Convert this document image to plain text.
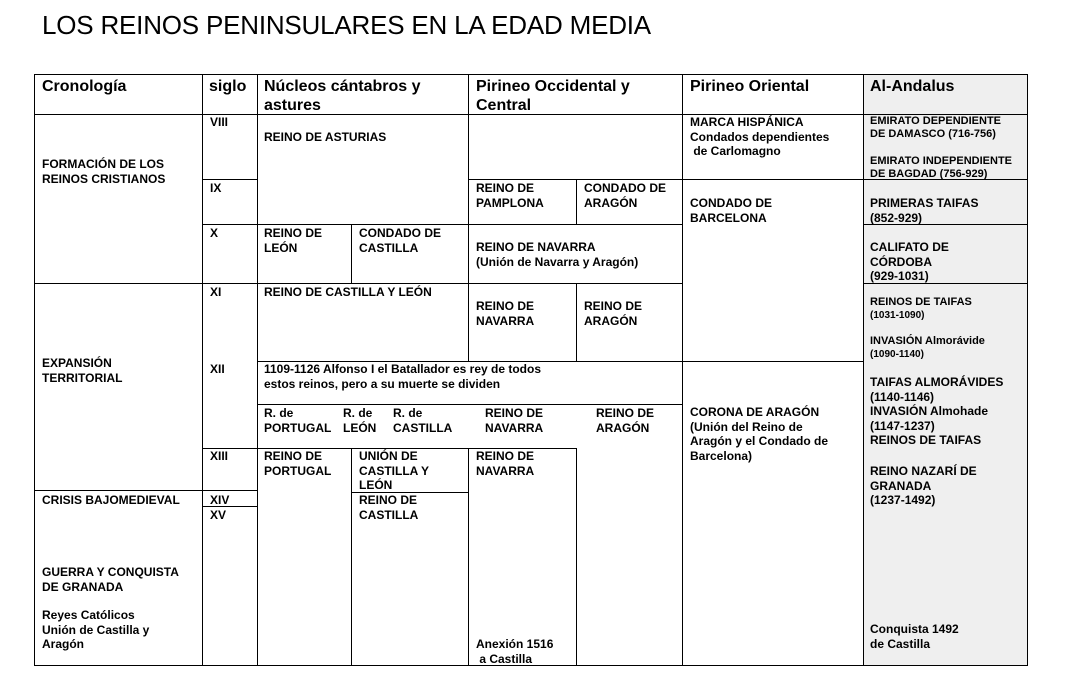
LOS REINOS PENINSULARES EN LA EDAD MEDIA
Cronología	siglo Núcleos cántabros y
astures
Pirineo Occidental y
Central
Pirineo Oriental	Al-Andalus
FORMACIÓN DE LOS
REINOS CRISTIANOS
EXPANSIÓN
TERRITORIAL
CRISIS BAJOMEDIEVAL
GUERRA Y CONQUISTA
DE GRANADA
Reyes Católicos
Unión de Castilla y
Aragón
VIII
IX
X
XI
XII
XIII
XIV
XV
REINO DE ASTURIAS
REINO DE
LEÓN
CONDADO DE
CASTILLA
REINO DE CASTILLA Y LEÓN
1109-1126 Alfonso I el Batallador es rey de todos
estos reinos, pero a su muerte se dividen
R. de
PORTUGAL
R. de
LEÓN
R. de
CASTILLA
REINO DE
PORTUGAL
UNIÓN DE
CASTILLA Y
LEÓN
REINO DE
CASTILLA
REINO DE
PAMPLONA
CONDADO DE
ARAGÓN
REINO DE NAVARRA
(Unión de Navarra y Aragón)
REINO DE
NAVARRA
REINO DE
ARAGÓN
REINO DE
NAVARRA
REINO DE
ARAGÓN
REINO DE
NAVARRA
Anexión 1516
a Castilla
MARCA HISPÁNICA
Condados dependientes
de Carlomagno
CONDADO DE
BARCELONA
CORONA DE ARAGÓN
(Unión del Reino de
Aragón y el Condado de
Barcelona)
EMIRATO DEPENDIENTE
DE DAMASCO (716-756)
EMIRATO INDEPENDIENTE
DE BAGDAD (756-929)
PRIMERAS TAIFAS
(852-929)
CALIFATO DE
CÓRDOBA
(929-1031)
REINOS DE TAIFAS
(1031-1090)
INVASIÓN Almorávide
(1090-1140)
TAIFAS ALMORÁVIDES
(1140-1146)
INVASIÓN Almohade
(1147-1237)
REINOS DE TAIFAS
REINO NAZARÍ DE
GRANADA
(1237-1492)
Conquista 1492
de Castilla
